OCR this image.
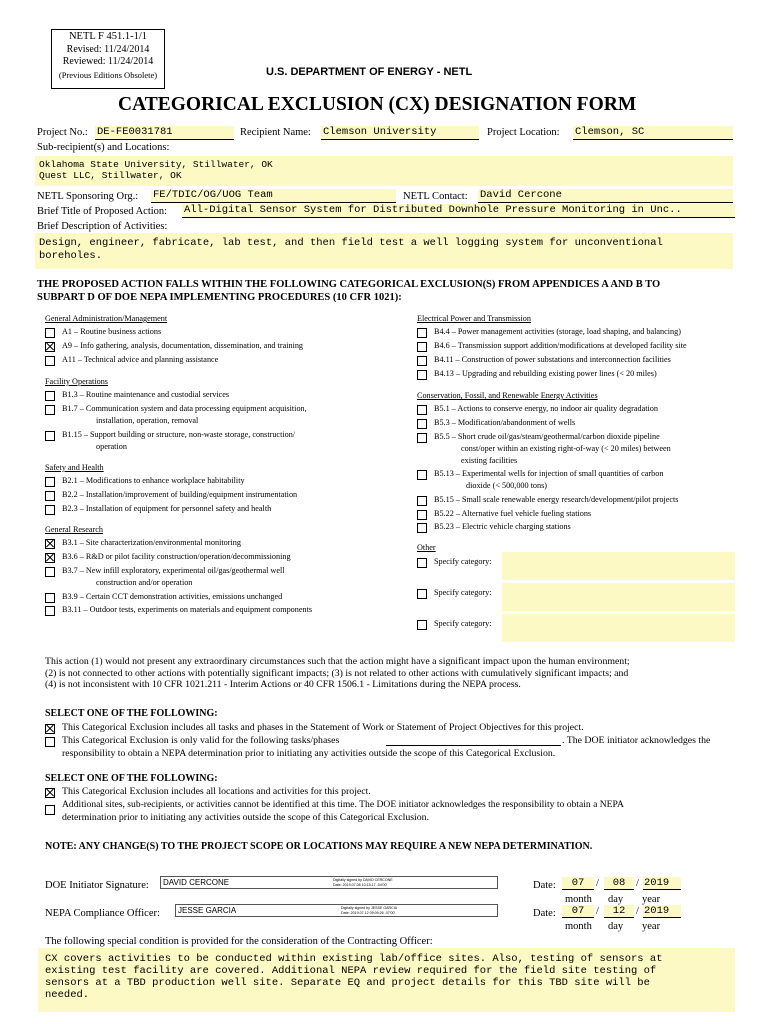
NETL F 451.1-1/1
Revised: 11/24/2014
Reviewed: 11/24/2014
(Previous Editions Obsolete)	U.S. DEPARTMENT OF ENERGY - NETL
CATEGORICAL EXCLUSION (CX) DESIGNATION FORM
Project No.: DE-FE0031781	Recipient Name: Clemson University	Project Location: Clemson, SC
Sub-recipient(s) and Locations:
Oklahoma State University, Stillwater, OK
Quest LLC, Stillwater, OK
NETL Sponsoring Org.: FE/TDIC/OG/UOG Team	NETL Contact: David Cercone
Brief Title of Proposed Action: All-Digital Sensor System for Distributed Downhole Pressure Monitoring in Unc..
Brief Description of Activities:
Design, engineer, fabricate, lab test, and then field test a well logging system for unconventional
boreholes.
THE PROPOSED ACTION FALLS WITHIN THE FOLLOWING CATEGORICAL EXCLUSION(S) FROM APPENDICES A AND B TO
SUBPART D OF DOE NEPA IMPLEMENTING PROCEDURES (10 CFR 1021):
General Administration/Management
A1 – Routine business actions
A9 – Info gathering, analysis, documentation, dissemination, and training
A11 – Technical advice and planning assistance
Facility Operations
B1.3 – Routine maintenance and custodial services
B1.7 – Communication system and data processing equipment acquisition,
installation, operation, removal
B1.15 – Support building or structure, non-waste storage, construction/
operation
Safety and Health
B2.1 – Modifications to enhance workplace habitability
B2.2 – Installation/improvement of building/equipment instrumentation
B2.3 – Installation of equipment for personnel safety and health
General Research
B3.1 – Site characterization/environmental monitoring
B3.6 – R&D or pilot facility construction/operation/decommissioning
B3.7 – New infill exploratory, experimental oil/gas/geothermal well
construction and/or operation
B3.9 – Certain CCT demonstration activities, emissions unchanged
B3.11 – Outdoor tests, experiments on materials and equipment components
Electrical Power and Transmission
B4.4 – Power management activities (storage, load shaping, and balancing)
B4.6 – Transmission support addition/modifications at developed facility site
B4.11 – Construction of power substations and interconnection facilities
B4.13 – Upgrading and rebuilding existing power lines (< 20 miles)
Conservation, Fossil, and Renewable Energy Activities
B5.1 – Actions to conserve energy, no indoor air quality degradation
B5.3 – Modification/abandonment of wells
B5.5 – Short crude oil/gas/steam/geothermal/carbon dioxide pipeline
const/oper within an existing right-of-way (< 20 miles) between
existing facilities
B5.13 – Experimental wells for injection of small quantities of carbon
dioxide (< 500,000 tons)
B5.15 – Small scale renewable energy research/development/pilot projects
B5.22 – Alternative fuel vehicle fueling stations
B5.23 – Electric vehicle charging stations
Other
Specify category:
Specify category:
Specify category:
This action (1) would not present any extraordinary circumstances such that the action might have a significant impact upon the human environment;
(2) is not connected to other actions with potentially significant impacts; (3) is not related to other actions with cumulatively significant impacts; and
(4) is not inconsistent with 10 CFR 1021.211 - Interim Actions or 40 CFR 1506.1 - Limitations during the NEPA process.
SELECT ONE OF THE FOLLOWING:
This Categorical Exclusion includes all tasks and phases in the Statement of Work or Statement of Project Objectives for this project.
This Categorical Exclusion is only valid for the following tasks/phases	. The DOE initiator acknowledges the
responsibility to obtain a NEPA determination prior to initiating any activities outside the scope of this Categorical Exclusion.
SELECT ONE OF THE FOLLOWING:
This Categorical Exclusion includes all locations and activities for this project.
Additional sites, sub-recipients, or activities cannot be identified at this time. The DOE initiator acknowledges the responsibility to obtain a NEPA
determination prior to initiating any activities outside the scope of this Categorical Exclusion.
NOTE: ANY CHANGE(S) TO THE PROJECT SCOPE OR LOCATIONS MAY REQUIRE A NEW NEPA DETERMINATION.
DOE Initiator Signature: DAVID CERCONE	Digitally signed by DAVID CERCONE
Date: 2019.07.08 10:15:17 -04'00'	Date:	07	/	08	/ 2019
month day year
NEPA Compliance Officer: JESSE GARCIA	Digitally signed by JESSE GARCIA
Date: 2019.07.12 09:09:26 -07'00'	Date:	07	/	12	/ 2019
month day year
The following special condition is provided for the consideration of the Contracting Officer:
CX covers activities to be conducted within existing lab/office sites. Also, testing of sensors at
existing test facility are covered. Additional NEPA review required for the field site testing of
sensors at a TBD production well site. Separate EQ and project details for this TBD site will be
needed.
